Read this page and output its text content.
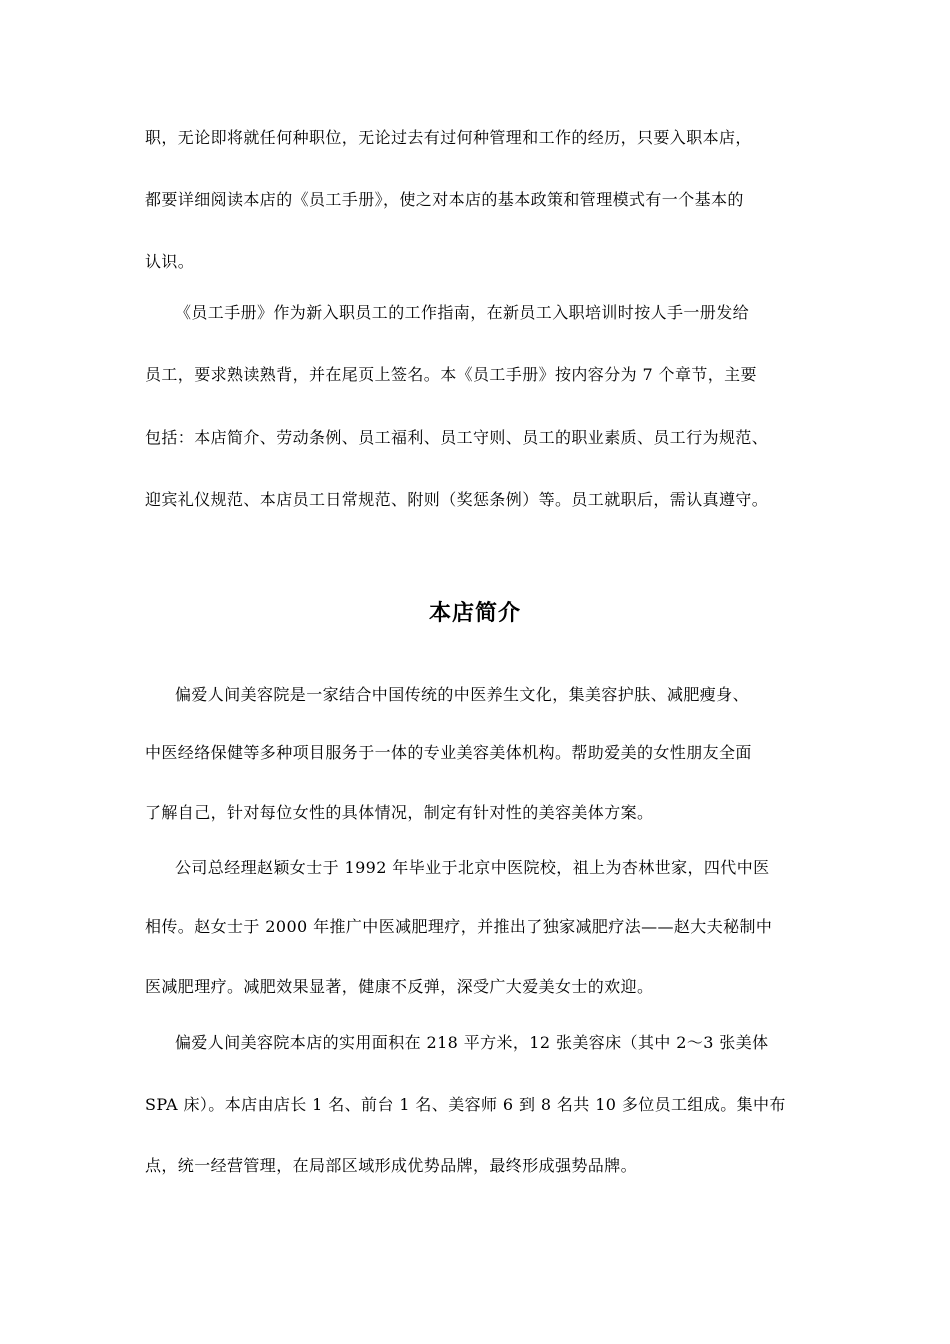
职，无论即将就任何种职位，无论过去有过何种管理和工作的经历，只要入职本店，
都要详细阅读本店的《员工手册》，使之对本店的基本政策和管理模式有一个基本的
认识。
《员工手册》作为新入职员工的工作指南，在新员工入职培训时按人手一册发给
员工，要求熟读熟背，并在尾页上签名。本《员工手册》按内容分为 7 个章节，主要
包括：本店简介、劳动条例、员工福利、员工守则、员工的职业素质、员工行为规范、
迎宾礼仪规范、本店员工日常规范、附则（奖惩条例）等。员工就职后，需认真遵守。
本店简介
偏爱人间美容院是一家结合中国传统的中医养生文化，集美容护肤、减肥瘦身、
中医经络保健等多种项目服务于一体的专业美容美体机构。帮助爱美的女性朋友全面
了解自己，针对每位女性的具体情况，制定有针对性的美容美体方案。
公司总经理赵颖女士于 1992 年毕业于北京中医院校，祖上为杏林世家，四代中医
相传。赵女士于 2000 年推广中医减肥理疗，并推出了独家减肥疗法——赵大夫秘制中
医减肥理疗。减肥效果显著，健康不反弹，深受广大爱美女士的欢迎。
偏爱人间美容院本店的实用面积在 218 平方米，12 张美容床（其中 2～3 张美体
SPA 床）。本店由店长 1 名、前台 1 名、美容师 6 到 8 名共 10 多位员工组成。集中布
点，统一经营管理，在局部区域形成优势品牌，最终形成强势品牌。
